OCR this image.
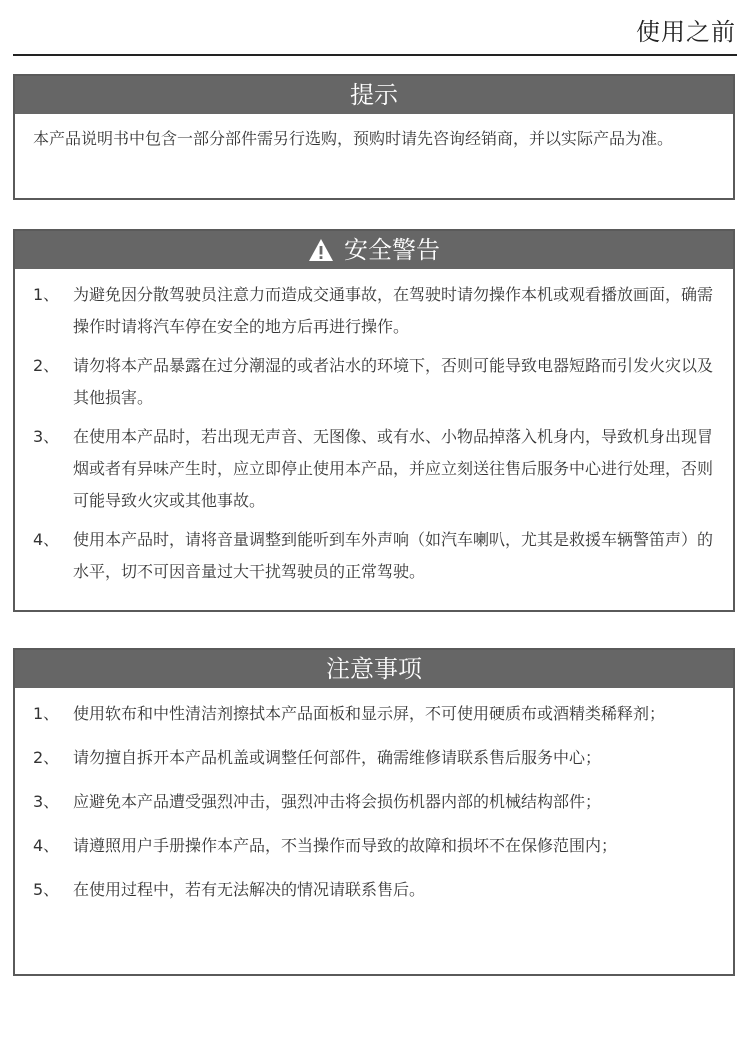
使用之前
提示
本产品说明书中包含一部分部件需另行选购，预购时请先咨询经销商，并以实际产品为准。
安全警告
1、 为避免因分散驾驶员注意力而造成交通事故，在驾驶时请勿操作本机或观看播放画面，确需操作时请将汽车停在安全的地方后再进行操作。
2、 请勿将本产品暴露在过分潮湿的或者沾水的环境下，否则可能导致电器短路而引发火灾以及其他损害。
3、 在使用本产品时，若出现无声音、无图像、或有水、小物品掉落入机身内，导致机身出现冒烟或者有异味产生时，应立即停止使用本产品，并应立刻送往售后服务中心进行处理，否则可能导致火灾或其他事故。
4、 使用本产品时，请将音量调整到能听到车外声响（如汽车喇叭，尤其是救援车辆警笛声）的水平，切不可因音量过大干扰驾驶员的正常驾驶。
注意事项
1、 使用软布和中性清洁剂擦拭本产品面板和显示屏，不可使用硬质布或酒精类稀释剂；
2、 请勿擅自拆开本产品机盖或调整任何部件，确需维修请联系售后服务中心；
3、 应避免本产品遭受强烈冲击，强烈冲击将会损伤机器内部的机械结构部件；
4、 请遵照用户手册操作本产品，不当操作而导致的故障和损坏不在保修范围内；
5、 在使用过程中，若有无法解决的情况请联系售后。
